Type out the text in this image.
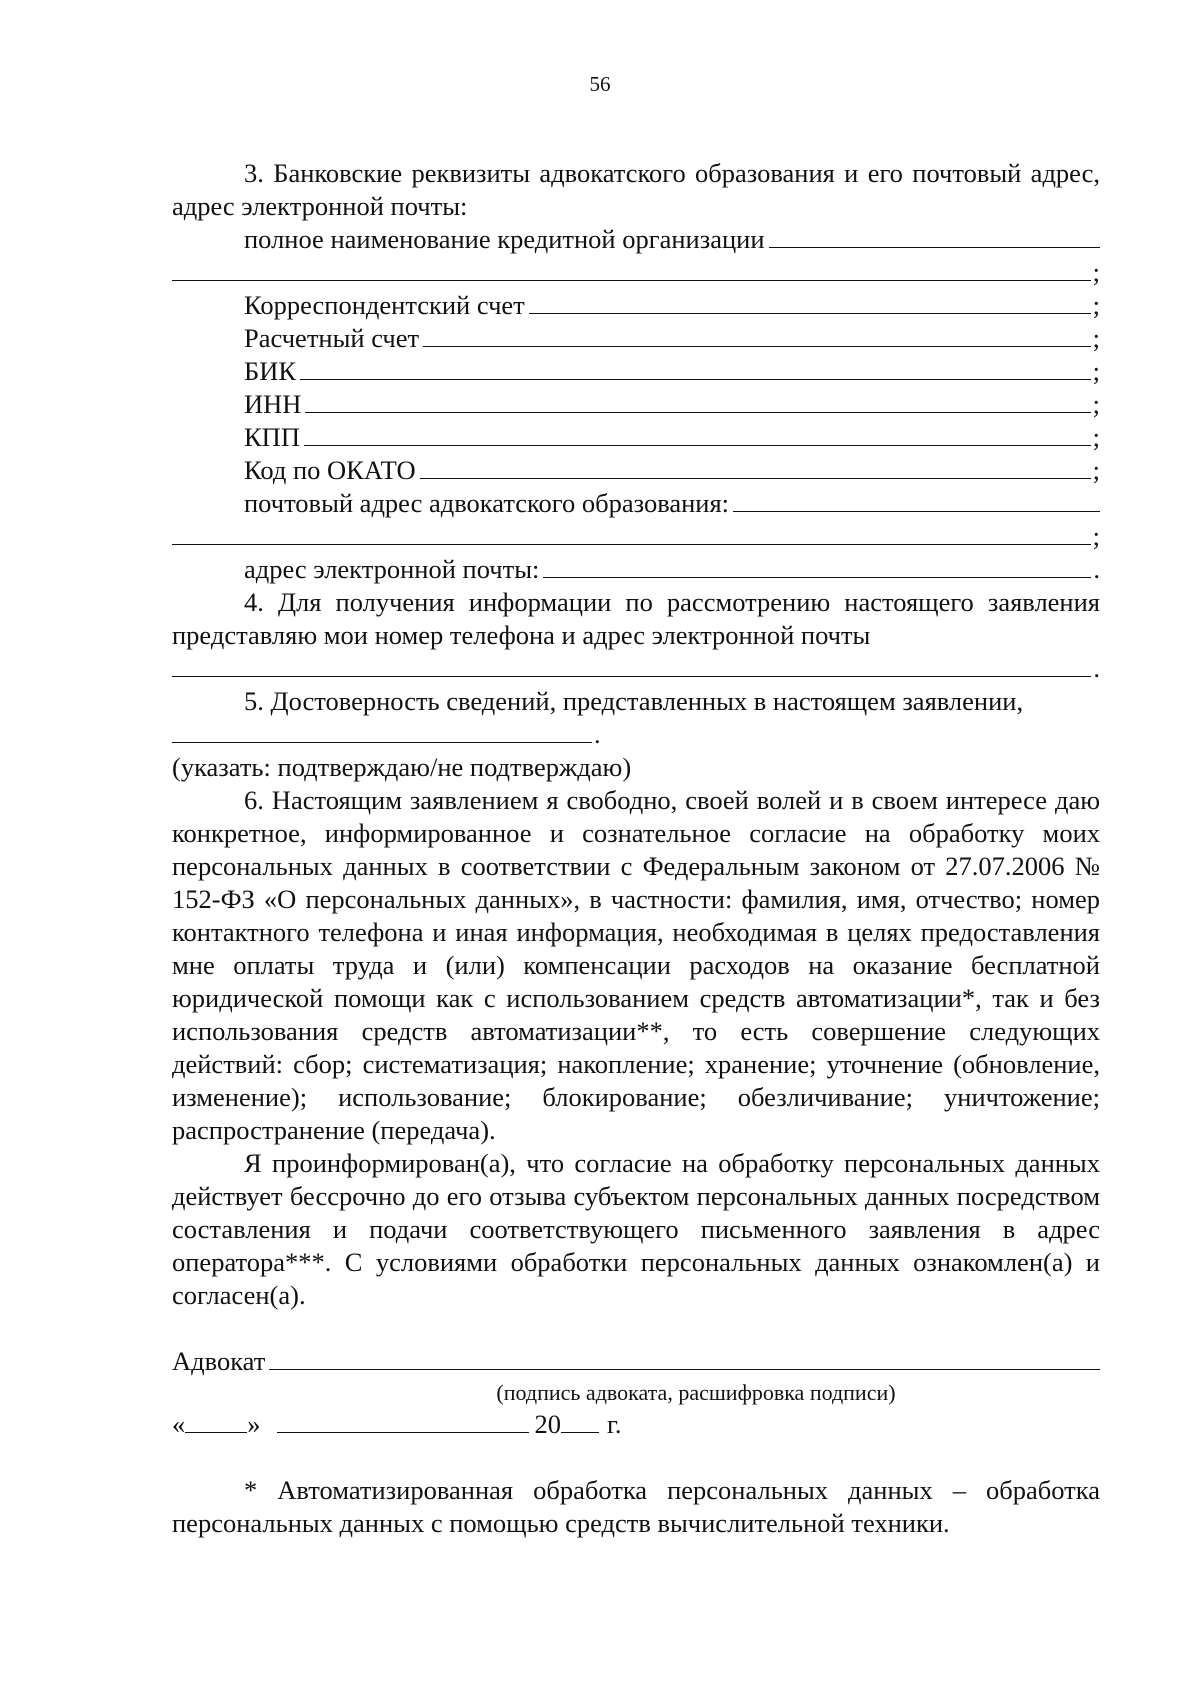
56

3. Банковские реквизиты адвокатского образования и его почтовый адрес, адрес электронной почты:

полное наименование кредитной организации
;
Корреспондентский счет	;
Расчетный счет	;
БИК	;
ИНН	;
КПП	;
Код по ОКАТО	;
почтовый адрес адвокатского образования:
;
адрес электронной почты:	.

4. Для получения информации по рассмотрению настоящего заявления представляю мои номер телефона и адрес электронной почты

.

5. Достоверность сведений, представленных в настоящем заявлении,

.

(указать: подтверждаю/не подтверждаю)

6. Настоящим заявлением я свободно, своей волей и в своем интересе даю конкретное, информированное и сознательное согласие на обработку моих персональных данных в соответствии с Федеральным законом от 27.07.2006 № 152-ФЗ «О персональных данных», в частности: фамилия, имя, отчество; номер контактного телефона и иная информация, необходимая в целях предоставления мне оплаты труда и (или) компенсации расходов на оказание бесплатной юридической помощи как с использованием средств автоматизации*, так и без использования средств автоматизации**, то есть совершение следующих действий: сбор; систематизация; накопление; хранение; уточнение (обновление, изменение); использование; блокирование; обезличивание; уничтожение; распространение (передача).

Я проинформирован(а), что согласие на обработку персональных данных действует бессрочно до его отзыва субъектом персональных данных посредством составления и подачи соответствующего письменного заявления в адрес оператора***. С условиями обработки персональных данных ознакомлен(а) и согласен(а).

Адвокат
(подпись адвоката, расшифровка подписи)
« »	20 г.

* Автоматизированная обработка персональных данных – обработка персональных данных с помощью средств вычислительной техники.
